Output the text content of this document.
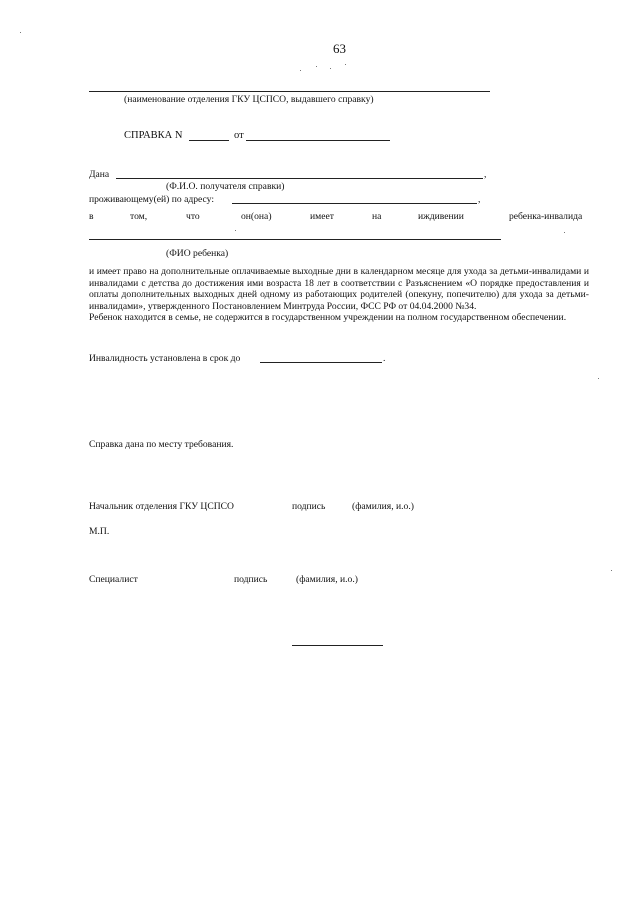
63
(наименование отделения ГКУ ЦСПСО, выдавшего справку)
СПРАВКА N	от
Дана	,
(Ф.И.О. получателя справки)
проживающему(ей) по адресу:	,
в	том,	что	он(она)	имеет	на	иждивении	ребенка-инвалида
(ФИО ребенка)

и имеет право на дополнительные оплачиваемые выходные дни в календарном месяце для ухода за детьми-инвалидами и инвалидами с детства до достижения ими возраста 18 лет в соответствии с Разъяснением «О порядке предоставления и оплаты дополнительных выходных дней одному из работающих родителей (опекуну, попечителю) для ухода за детьми-инвалидами», утвержденного Постановлением Минтруда России, ФСС РФ от 04.04.2000 №34.

Ребенок находится в семье, не содержится в государственном учреждении на полном государственном обеспечении.

Инвалидность установлена в срок до	.
Справка дана по месту требования.
Начальник отделения ГКУ ЦСПСО	подпись	(фамилия, и.о.)
М.П.
Специалист	подпись	(фамилия, и.о.)
